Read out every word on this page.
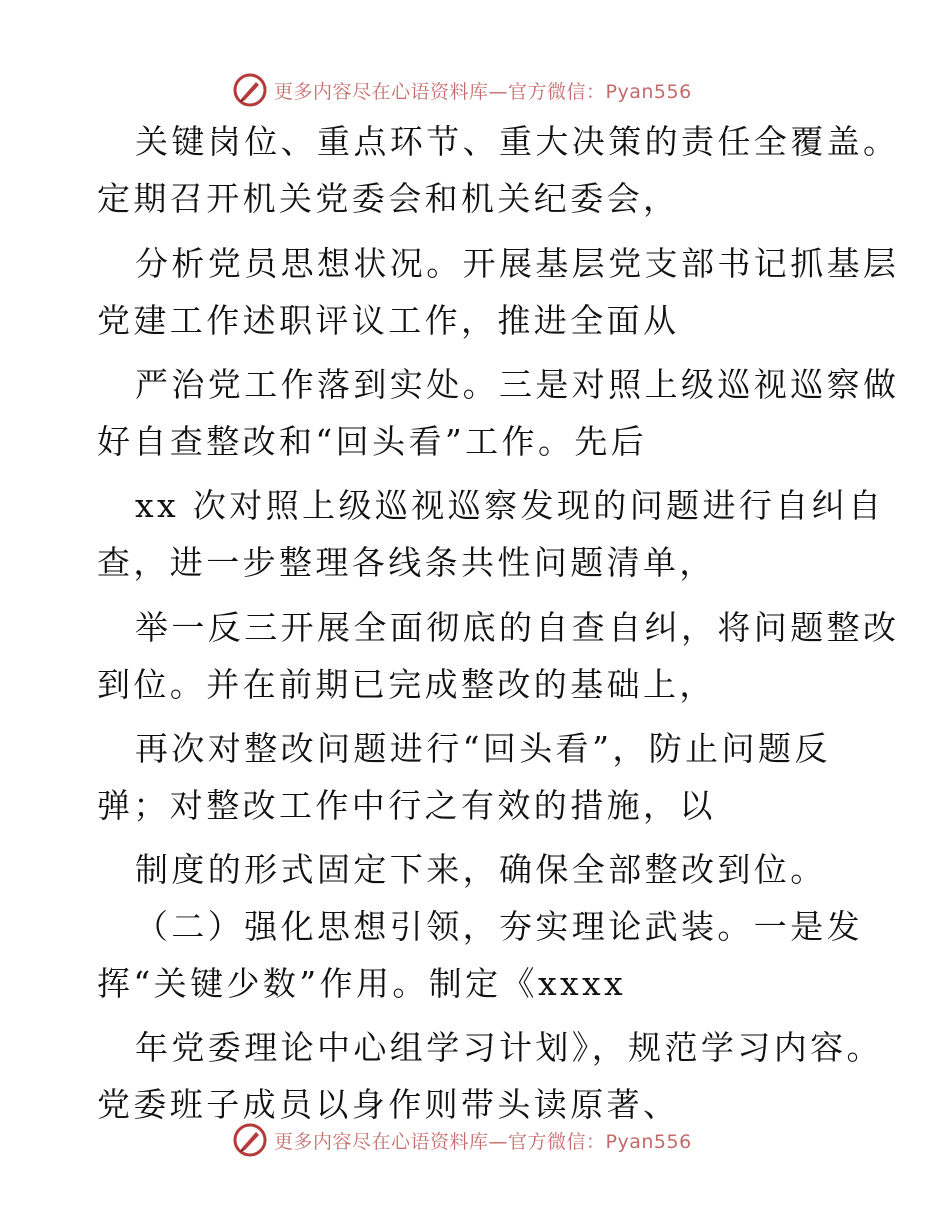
更多内容尽在心语资料库—官方微信：Pyan556
关键岗位、重点环节、重大决策的责任全覆盖。
定期召开机关党委会和机关纪委会，
分析党员思想状况。开展基层党支部书记抓基层
党建工作述职评议工作，推进全面从
严治党工作落到实处。三是对照上级巡视巡察做
好自查整改和“回头看”工作。先后
xx 次对照上级巡视巡察发现的问题进行自纠自
查，进一步整理各线条共性问题清单，
举一反三开展全面彻底的自查自纠，将问题整改
到位。并在前期已完成整改的基础上，
再次对整改问题进行“回头看”，防止问题反
弹；对整改工作中行之有效的措施，以
制度的形式固定下来，确保全部整改到位。
（二）强化思想引领，夯实理论武装。一是发
挥“关键少数”作用。制定《xxxx
年党委理论中心组学习计划》，规范学习内容。
党委班子成员以身作则带头读原著、
更多内容尽在心语资料库—官方微信：Pyan556
